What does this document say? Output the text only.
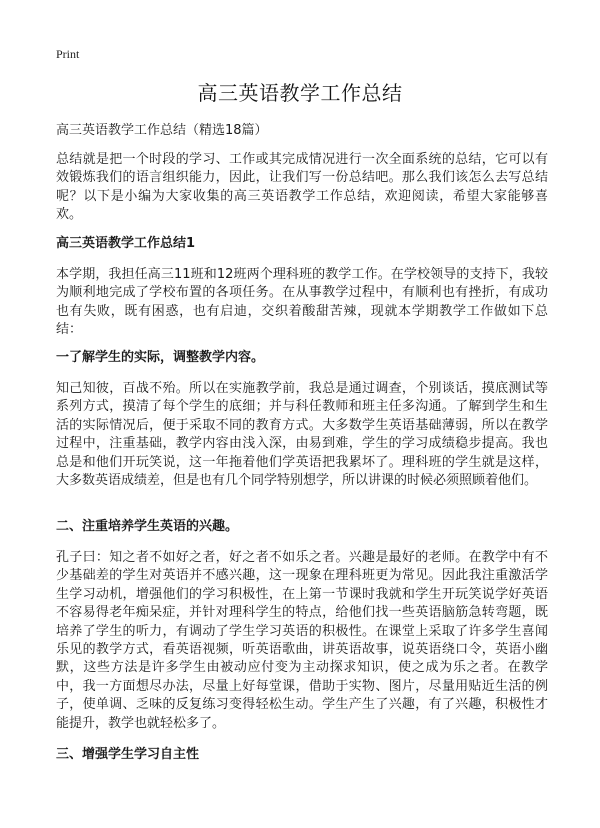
Print
高三英语教学工作总结
高三英语教学工作总结（精选18篇）

总结就是把一个时段的学习、工作或其完成情况进行一次全面系统的总结，它可以有效锻炼我们的语言组织能力，因此，让我们写一份总结吧。那么我们该怎么去写总结呢？以下是小编为大家收集的高三英语教学工作总结，欢迎阅读，希望大家能够喜欢。

高三英语教学工作总结1

本学期，我担任高三11班和12班两个理科班的教学工作。在学校领导的支持下，我较为顺利地完成了学校布置的各项任务。在从事教学过程中，有顺利也有挫折，有成功也有失败，既有困惑，也有启迪，交织着酸甜苦辣，现就本学期教学工作做如下总结：

一了解学生的实际，调整教学内容。

知己知彼，百战不殆。所以在实施教学前，我总是通过调查，个别谈话，摸底测试等系列方式，摸清了每个学生的底细；并与科任教师和班主任多沟通。了解到学生和生活的实际情况后，便于采取不同的教育方式。大多数学生英语基础薄弱，所以在教学过程中，注重基础，教学内容由浅入深，由易到难，学生的学习成绩稳步提高。我也总是和他们开玩笑说，这一年拖着他们学英语把我累坏了。理科班的学生就是这样，大多数英语成绩差，但是也有几个同学特别想学，所以讲课的时候必须照顾着他们。

二、注重培养学生英语的兴趣。

孔子曰：知之者不如好之者，好之者不如乐之者。兴趣是最好的老师。在教学中有不少基础差的学生对英语并不感兴趣，这一现象在理科班更为常见。因此我注重激活学生学习动机，增强他们的学习积极性，在上第一节课时我就和学生开玩笑说学好英语不容易得老年痴呆症，并针对理科学生的特点，给他们找一些英语脑筋急转弯题，既培养了学生的听力，有调动了学生学习英语的积极性。在课堂上采取了许多学生喜闻乐见的教学方式，看英语视频，听英语歌曲，讲英语故事，说英语绕口令，英语小幽默，这些方法是许多学生由被动应付变为主动探求知识，使之成为乐之者。在教学中，我一方面想尽办法，尽量上好每堂课，借助于实物、图片，尽量用贴近生活的例子，使单调、乏味的反复练习变得轻松生动。学生产生了兴趣，有了兴趣，积极性才能提升，教学也就轻松多了。

三、增强学生学习自主性
